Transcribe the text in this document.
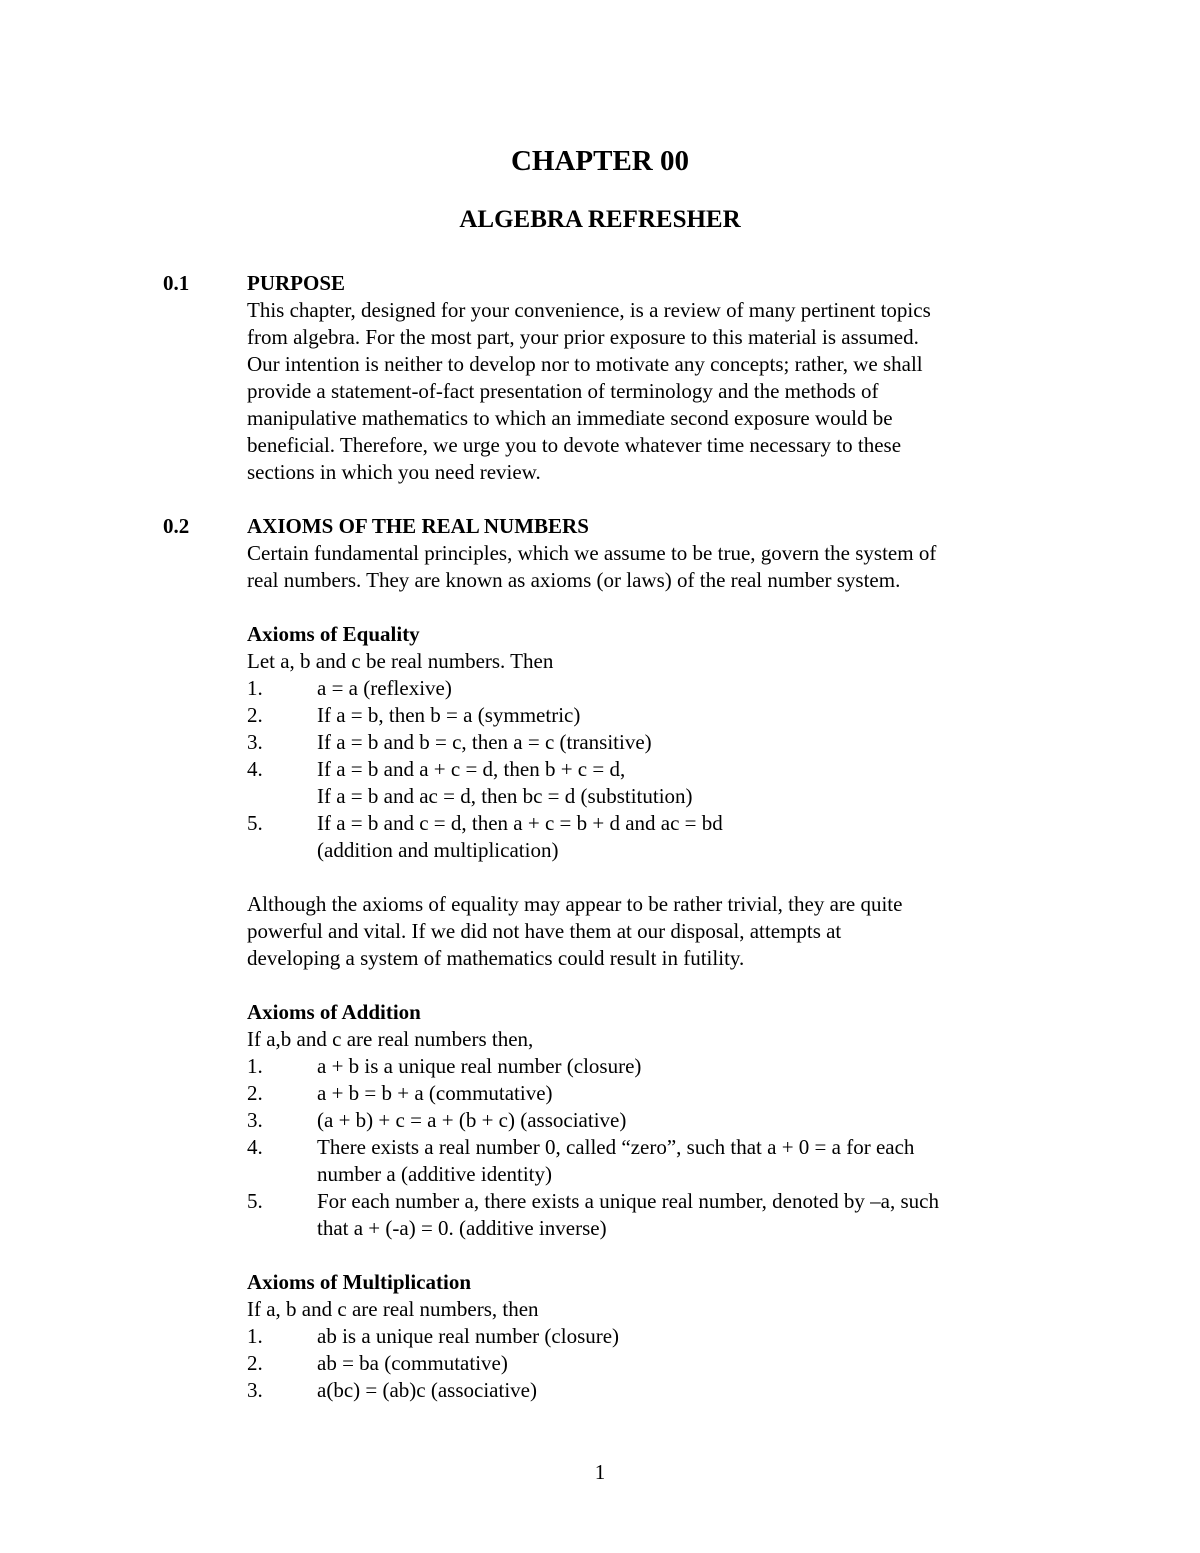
CHAPTER 00
ALGEBRA REFRESHER
0.1	PURPOSE
This chapter, designed for your convenience, is a review of many pertinent topics
from algebra. For the most part, your prior exposure to this material is assumed.
Our intention is neither to develop nor to motivate any concepts; rather, we shall
provide a statement-of-fact presentation of terminology and the methods of
manipulative mathematics to which an immediate second exposure would be
beneficial. Therefore, we urge you to devote whatever time necessary to these
sections in which you need review.
0.2	AXIOMS OF THE REAL NUMBERS
Certain fundamental principles, which we assume to be true, govern the system of
real numbers. They are known as axioms (or laws) of the real number system.
Axioms of Equality
Let a, b and c be real numbers. Then
1.	a = a (reflexive)
2.	If a = b, then b = a (symmetric)
3.	If a = b and b = c, then a = c (transitive)
4.	If a = b and a + c = d, then b + c = d,
If a = b and ac = d, then bc = d (substitution)
5.	If a = b and c = d, then a + c = b + d and ac = bd
(addition and multiplication)
Although the axioms of equality may appear to be rather trivial, they are quite
powerful and vital. If we did not have them at our disposal, attempts at
developing a system of mathematics could result in futility.
Axioms of Addition
If a,b and c are real numbers then,
1.	a + b is a unique real number (closure)
2.	a + b = b + a (commutative)
3.	(a + b) + c = a + (b + c) (associative)
4.	There exists a real number 0, called “zero”, such that a + 0 = a for each
number a (additive identity)
5.	For each number a, there exists a unique real number, denoted by –a, such
that a + (-a) = 0. (additive inverse)
Axioms of Multiplication
If a, b and c are real numbers, then
1.	ab is a unique real number (closure)
2.	ab = ba (commutative)
3.	a(bc) = (ab)c (associative)
1
